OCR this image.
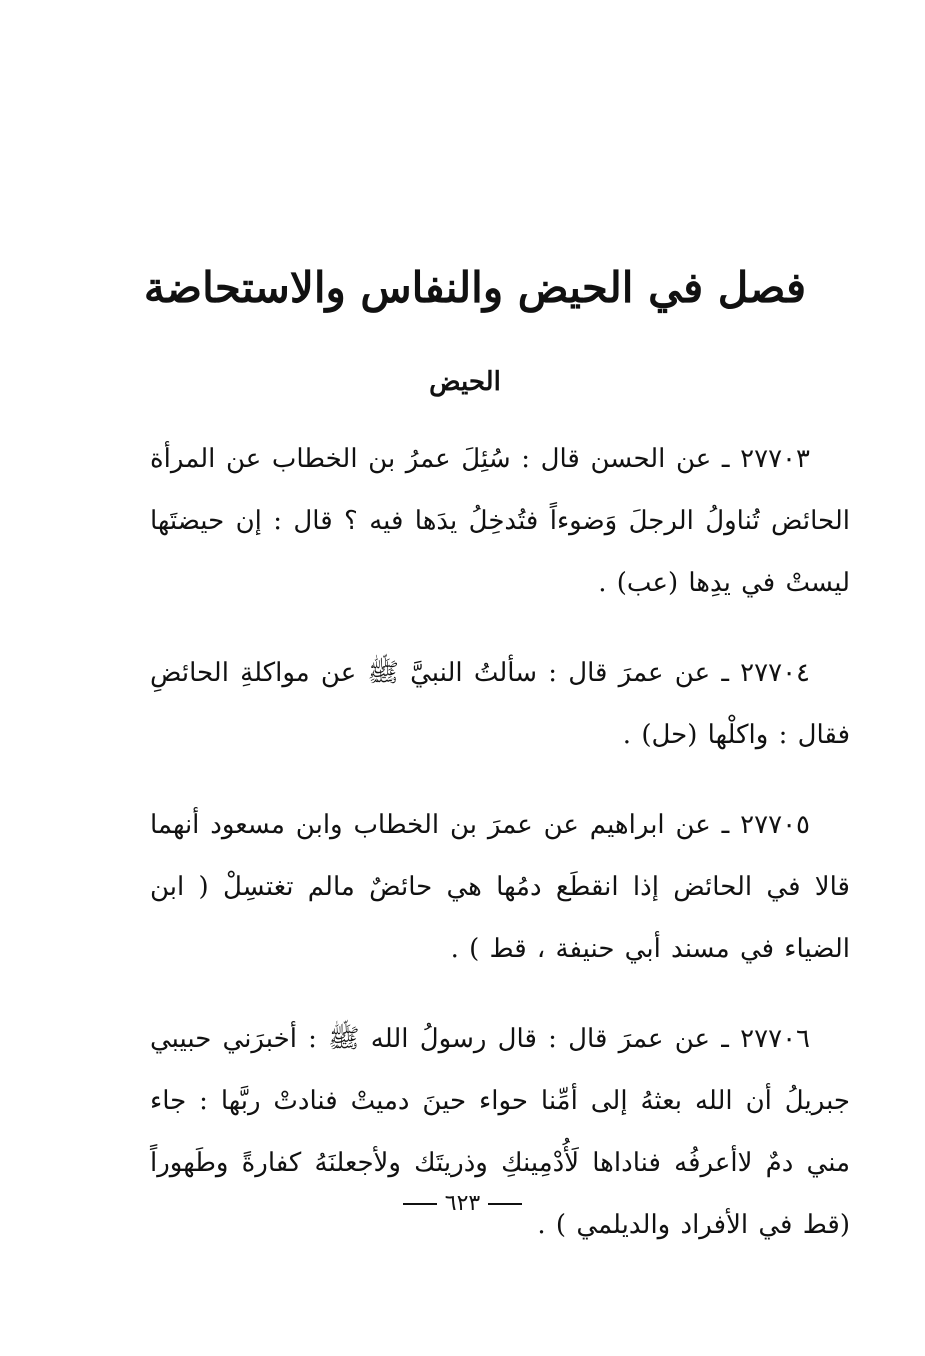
فصل في الحيض والنفاس والاستحاضة
الحيض

٢٧٧٠٣ ـ عن الحسن قال : سُئِلَ عمرُ بن الخطاب عن المرأة الحائض تُناولُ الرجلَ وَضوءاً فتُدخِلُ يدَها فيه ؟ قال : إن حيضتَها ليستْ في يدِها (عب) .

٢٧٧٠٤ ـ عن عمرَ قال : سألتُ النبيَّ ﷺ عن مواكلةِ الحائضِ فقال : واكلْها (حل) .

٢٧٧٠٥ ـ عن ابراهيم عن عمرَ بن الخطاب وابن مسعود أنهما قالا في الحائض إذا انقطَع دمُها هي حائضٌ مالم تغتسِلْ ( ابن الضياء في مسند أبي حنيفة ، قط ) .

٢٧٧٠٦ ـ عن عمرَ قال : قال رسولُ الله ﷺ : أخبرَني حبيبي جبريلُ أن الله بعثهُ إلى أمِّنا حواء حينَ دميتْ فنادتْ ربَّها : جاء مني دمٌ لاأعرفُه فناداها لَأُدْمِينكِ وذريتَك ولأجعلنَهُ كفارةً وطَهوراً (قط في الأفراد والديلمي ) .

٦٢٣
